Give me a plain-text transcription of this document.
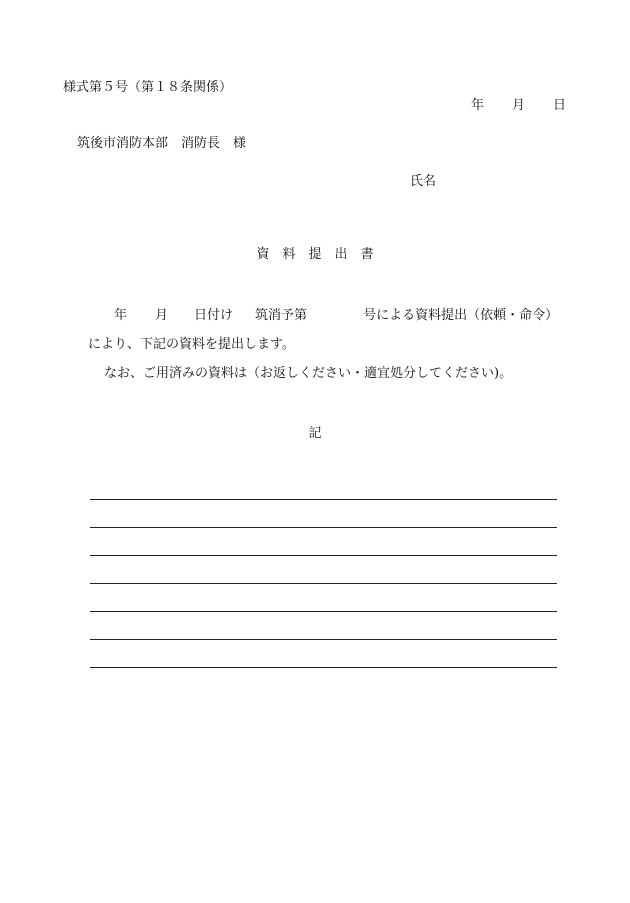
様式第５号（第１８条関係）
年 月 日
筑後市消防本部　消防長　様
氏名
資　料　提　出　書
年 月 日付け 筑消予第	号による資料提出（依頼・命令）
により、下記の資料を提出します。
なお、ご用済みの資料は（お返しください・適宜処分してください)。
記
